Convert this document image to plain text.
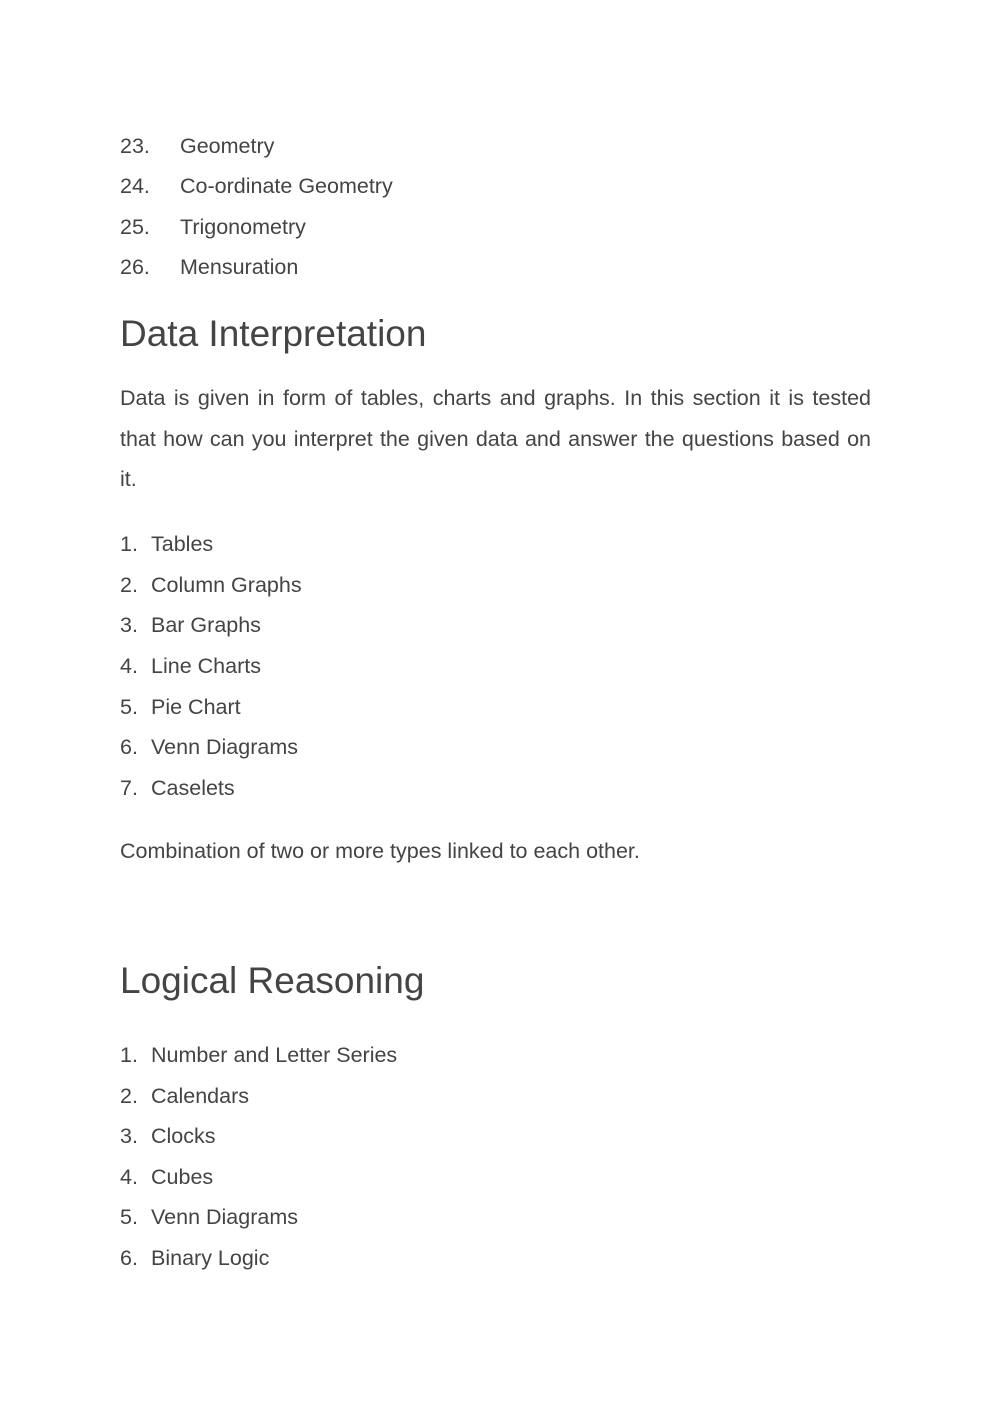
23. Geometry
24. Co-ordinate Geometry
25. Trigonometry
26. Mensuration
Data Interpretation

Data is given in form of tables, charts and graphs. In this section it is tested that how can you interpret the given data and answer the questions based on it.

1. Tables
2. Column Graphs
3. Bar Graphs
4. Line Charts
5. Pie Chart
6. Venn Diagrams
7. Caselets

Combination of two or more types linked to each other.

Logical Reasoning
1. Number and Letter Series
2. Calendars
3. Clocks
4. Cubes
5. Venn Diagrams
6. Binary Logic
